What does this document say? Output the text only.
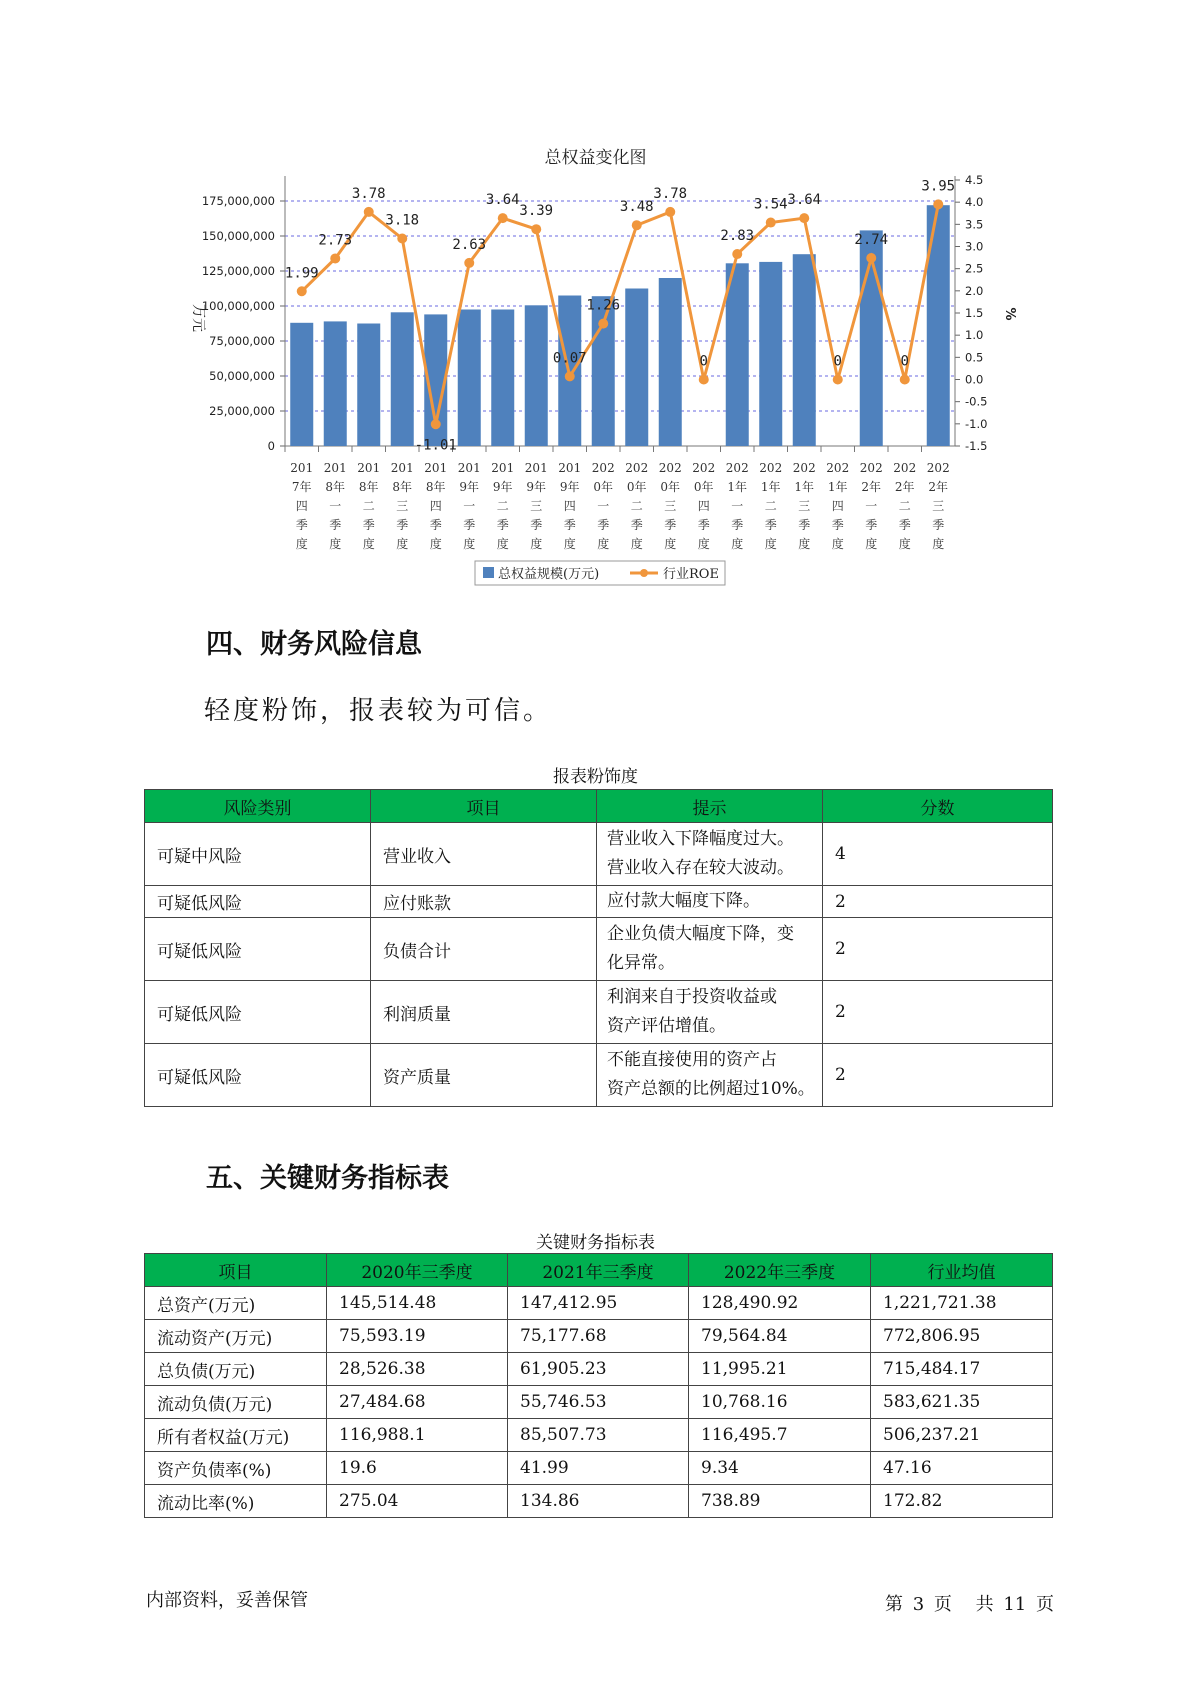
总权益变化图
175,000,000
150,000,000
125,000,000
100,000,000
75,000,000
50,000,000
25,000,000
0
4.5
4.0
3.5
3.0
2.5
2.0
1.5
1.0
0.5
0.0
-0.5
-1.0
-1.5
万元	%
201
7年
四
季
度
201
8年
一
季
度
201
8年
二
季
度
201
8年
三
季
度
201
8年
四
季
度
201
9年
一
季
度
201
9年
二
季
度
201
9年
三
季
度
201
9年
四
季
度
202
0年
一
季
度
202
0年
二
季
度
202
0年
三
季
度
202
0年
四
季
度
202
1年
一
季
度
202
1年
二
季
度
202
1年
三
季
度
202
1年
四
季
度
202
2年
一
季
度
202
2年
二
季
度
202
2年
三
季
度
1.99
2.73
3.78
3.18
-1.01
2.63
3.64
3.39
0.07
1.26
3.48
3.78
0
2.83
3.54 3.64
0
2.74
0
3.95
总权益规模(万元)	行业ROE
四、财务风险信息
轻度粉饰，报表较为可信。
报表粉饰度
风险类别	项目	提示	分数
可疑中风险	营业收入	营业收入下降幅度过大。
营业收入存在较大波动。	4
可疑低风险	应付账款	应付款大幅度下降。	2
可疑低风险	负债合计	企业负债大幅度下降，变
化异常。	2
可疑低风险	利润质量	利润来自于投资收益或
资产评估增值。	2
可疑低风险	资产质量	不能直接使用的资产占
资产总额的比例超过10%。	2
五、关键财务指标表
关键财务指标表
项目	2020年三季度	2021年三季度	2022年三季度	行业均值
总资产(万元)	145,514.48	147,412.95	128,490.92	1,221,721.38
流动资产(万元)	75,593.19	75,177.68	79,564.84	772,806.95
总负债(万元)	28,526.38	61,905.23	11,995.21	715,484.17
流动负债(万元)	27,484.68	55,746.53	10,768.16	583,621.35
所有者权益(万元)	116,988.1	85,507.73	116,495.7	506,237.21
资产负债率(%)	19.6	41.99	9.34	47.16
流动比率(%)	275.04	134.86	738.89	172.82
内部资料，妥善保管	第 3 页 共 11 页
